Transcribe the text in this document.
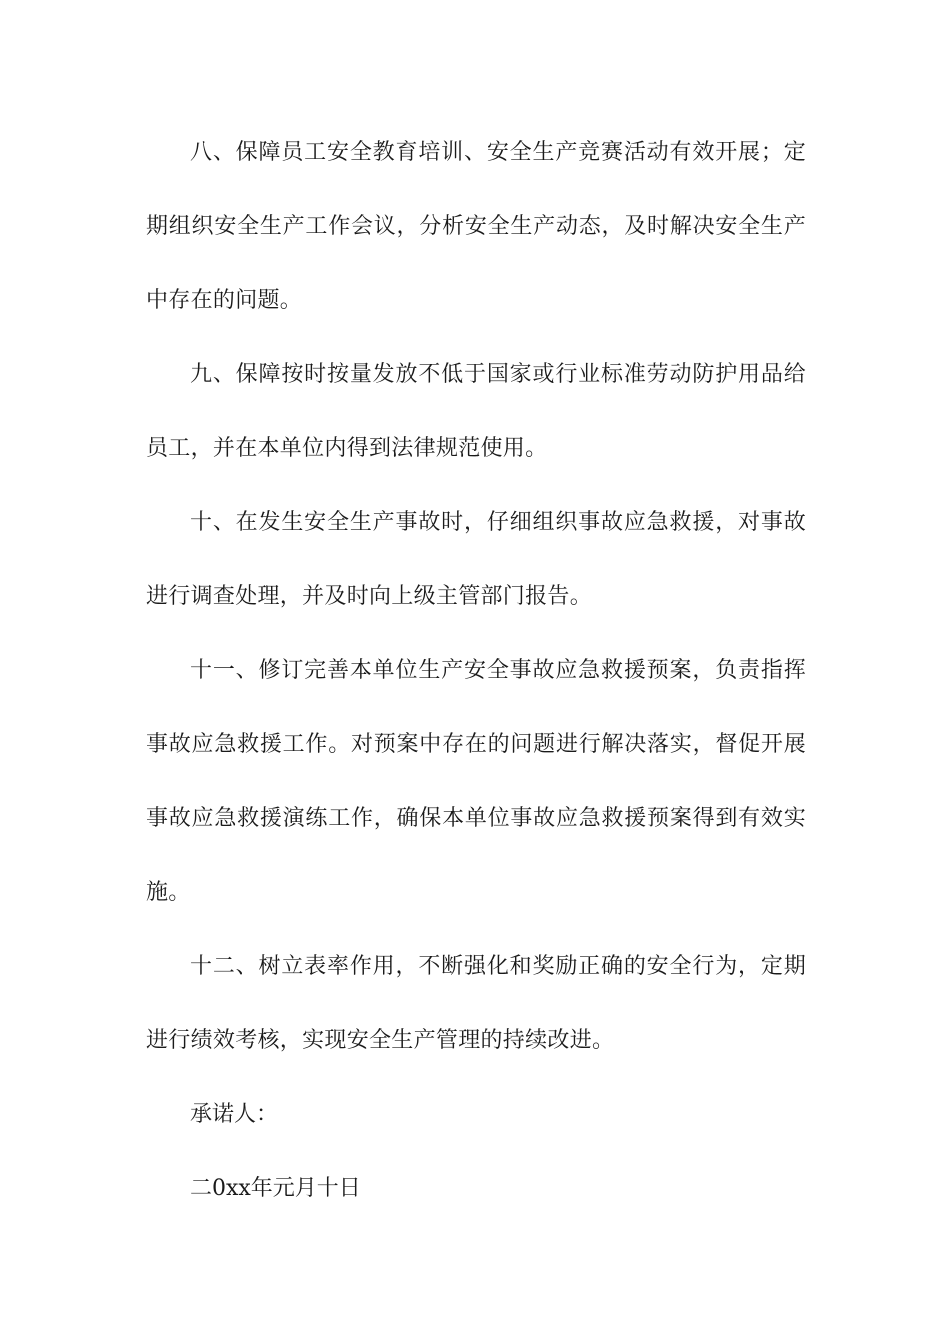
八、保障员工安全教育培训、安全生产竞赛活动有效开展；定期组织安全生产工作会议，分析安全生产动态，及时解决安全生产中存在的问题。

九、保障按时按量发放不低于国家或行业标准劳动防护用品给员工，并在本单位内得到法律规范使用。

十、在发生安全生产事故时，仔细组织事故应急救援，对事故进行调查处理，并及时向上级主管部门报告。

十一、修订完善本单位生产安全事故应急救援预案，负责指挥事故应急救援工作。对预案中存在的问题进行解决落实，督促开展事故应急救援演练工作，确保本单位事故应急救援预案得到有效实施。

十二、树立表率作用，不断强化和奖励正确的安全行为，定期进行绩效考核，实现安全生产管理的持续改进。

承诺人：

二0xx年元月十日
